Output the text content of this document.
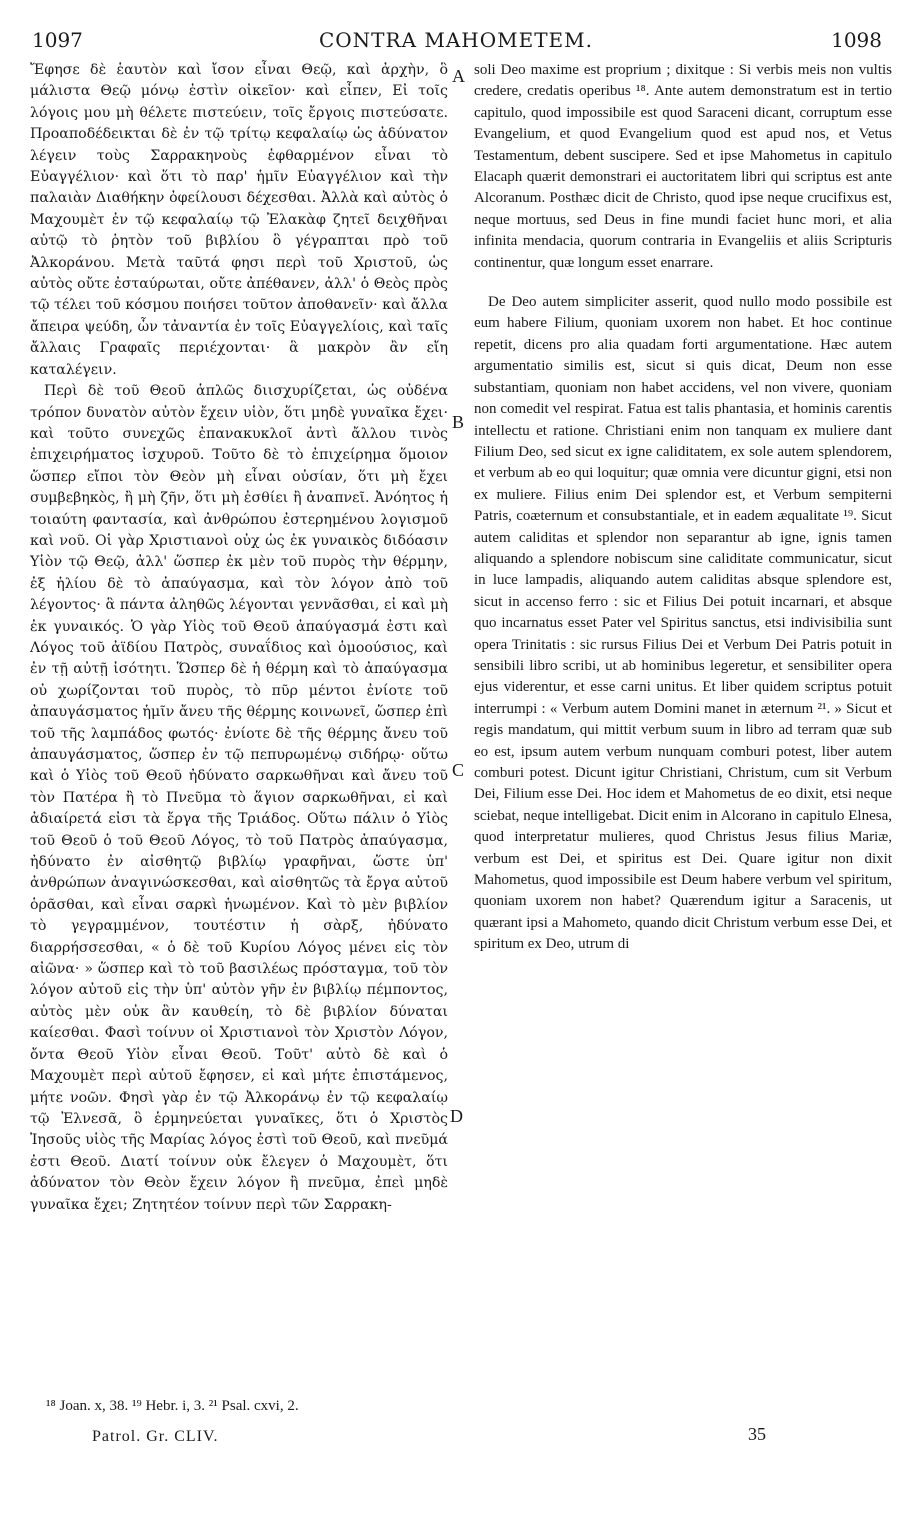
1097	CONTRA MAHOMETEM.	1098

Ἔφησε δὲ ἑαυτὸν καὶ ἴσον εἶναι Θεῷ, καὶ ἀρχὴν, ὃ μάλιστα Θεῷ μόνῳ ἐστὶν οἰκεῖον· καὶ εἶπεν, Εἰ τοῖς λόγοις μου μὴ θέλετε πιστεύειν, τοῖς ἔργοις πιστεύσατε. Προαποδέδεικται δὲ ἐν τῷ τρίτῳ κεφαλαίῳ ὡς ἀδύνατον λέγειν τοὺς Σαρρακηνοὺς ἐφθαρμένον εἶναι τὸ Εὐαγγέλιον· καὶ ὅτι τὸ παρ' ἡμῖν Εὐαγγέλιον καὶ τὴν παλαιὰν Διαθήκην ὀφείλουσι δέχεσθαι. Ἀλλὰ καὶ αὐτὸς ὁ Μαχουμὲτ ἐν τῷ κεφαλαίῳ τῷ Ἐλακὰφ ζητεῖ δειχθῆναι αὐτῷ τὸ ῥητὸν τοῦ βιβλίου ὃ γέγραπται πρὸ τοῦ Ἀλκοράνου. Μετὰ ταῦτά φησι περὶ τοῦ Χριστοῦ, ὡς αὐτὸς οὔτε ἐσταύρωται, οὔτε ἀπέθανεν, ἀλλ' ὁ Θεὸς πρὸς τῷ τέλει τοῦ κόσμου ποιήσει τοῦτον ἀποθανεῖν· καὶ ἄλλα ἄπειρα ψεύδη, ὧν τἀναντία ἐν τοῖς Εὐαγγελίοις, καὶ ταῖς ἄλλαις Γραφαῖς περιέχονται· ἃ μακρὸν ἂν εἴη καταλέγειν.

Περὶ δὲ τοῦ Θεοῦ ἁπλῶς διισχυρίζεται, ὡς οὐδένα τρόπον δυνατὸν αὐτὸν ἔχειν υἱὸν, ὅτι μηδὲ γυναῖκα ἔχει· καὶ τοῦτο συνεχῶς ἐπανακυκλοῖ ἀντὶ ἄλλου τινὸς ἐπιχειρήματος ἰσχυροῦ. Τοῦτο δὲ τὸ ἐπιχείρημα ὅμοιον ὥσπερ εἴποι τὸν Θεὸν μὴ εἶναι οὐσίαν, ὅτι μὴ ἔχει συμβεβηκὸς, ἢ μὴ ζῆν, ὅτι μὴ ἐσθίει ἢ ἀναπνεῖ. Ἀνόητος ἡ τοιαύτη φαντασία, καὶ ἀνθρώπου ἐστερημένου λογισμοῦ καὶ νοῦ. Οἱ γὰρ Χριστιανοὶ οὐχ ὡς ἐκ γυναικὸς διδόασιν Υἱὸν τῷ Θεῷ, ἀλλ' ὥσπερ ἐκ μὲν τοῦ πυρὸς τὴν θέρμην, ἐξ ἡλίου δὲ τὸ ἀπαύγασμα, καὶ τὸν λόγον ἀπὸ τοῦ λέγοντος· ἃ πάντα ἀληθῶς λέγονται γεννᾶσθαι, εἰ καὶ μὴ ἐκ γυναικός. Ὁ γὰρ Υἱὸς τοῦ Θεοῦ ἀπαύγασμά ἐστι καὶ Λόγος τοῦ ἀϊδίου Πατρὸς, συναΐδιος καὶ ὁμοούσιος, καὶ ἐν τῇ αὐτῇ ἰσότητι. Ὥσπερ δὲ ἡ θέρμη καὶ τὸ ἀπαύγασμα οὐ χωρίζονται τοῦ πυρὸς, τὸ πῦρ μέντοι ἐνίοτε τοῦ ἀπαυγάσματος ἡμῖν ἄνευ τῆς θέρμης κοινωνεῖ, ὥσπερ ἐπὶ τοῦ τῆς λαμπάδος φωτός· ἐνίοτε δὲ τῆς θέρμης ἄνευ τοῦ ἀπαυγάσματος, ὥσπερ ἐν τῷ πεπυρωμένῳ σιδήρῳ· οὕτω καὶ ὁ Υἱὸς τοῦ Θεοῦ ἠδύνατο σαρκωθῆναι καὶ ἄνευ τοῦ τὸν Πατέρα ἢ τὸ Πνεῦμα τὸ ἅγιον σαρκωθῆναι, εἰ καὶ ἀδιαίρετά εἰσι τὰ ἔργα τῆς Τριάδος. Οὕτω πάλιν ὁ Υἱὸς τοῦ Θεοῦ ὁ τοῦ Θεοῦ Λόγος, τὸ τοῦ Πατρὸς ἀπαύγασμα, ἠδύνατο ἐν αἰσθητῷ βιβλίῳ γραφῆναι, ὥστε ὑπ' ἀνθρώπων ἀναγινώσκεσθαι, καὶ αἰσθητῶς τὰ ἔργα αὐτοῦ ὁρᾶσθαι, καὶ εἶναι σαρκὶ ἡνωμένον. Καὶ τὸ μὲν βιβλίον τὸ γεγραμμένον, τουτέστιν ἡ σὰρξ, ἠδύνατο διαρρήσσεσθαι, « ὁ δὲ τοῦ Κυρίου Λόγος μένει εἰς τὸν αἰῶνα· » ὥσπερ καὶ τὸ τοῦ βασιλέως πρόσταγμα, τοῦ τὸν λόγον αὐτοῦ εἰς τὴν ὑπ' αὐτὸν γῆν ἐν βιβλίῳ πέμποντος, αὐτὸς μὲν οὐκ ἂν καυθείη, τὸ δὲ βιβλίον δύναται καίεσθαι. Φασὶ τοίνυν οἱ Χριστιανοὶ τὸν Χριστὸν Λόγον, ὄντα Θεοῦ Υἱὸν εἶναι Θεοῦ. Τοῦτ' αὐτὸ δὲ καὶ ὁ Μαχουμὲτ περὶ αὐτοῦ ἔφησεν, εἰ καὶ μήτε ἐπιστάμενος, μήτε νοῶν. Φησὶ γὰρ ἐν τῷ Ἀλκοράνῳ ἐν τῷ κεφαλαίῳ τῷ Ἐλνεσᾶ, ὃ ἑρμηνεύεται γυναῖκες, ὅτι ὁ Χριστὸς Ἰησοῦς υἱὸς τῆς Μαρίας λόγος ἐστὶ τοῦ Θεοῦ, καὶ πνεῦμά ἐστι Θεοῦ. Διατί τοίνυν οὐκ ἔλεγεν ὁ Μαχουμὲτ, ὅτι ἀδύνατον τὸν Θεὸν ἔχειν λόγον ἢ πνεῦμα, ἐπεὶ μηδὲ γυναῖκα ἔχει; Ζητητέον τοίνυν περὶ τῶν Σαρρακη-

soli Deo maxime est proprium ; dixitque : Si verbis meis non vultis credere, credatis operibus ¹⁸. Ante autem demonstratum est in tertio capitulo, quod impossibile est quod Saraceni dicant, corruptum esse Evangelium, et quod Evangelium quod est apud nos, et Vetus Testamentum, debent suscipere. Sed et ipse Mahometus in capitulo Elacaph quærit demonstrari ei auctoritatem libri qui scriptus est ante Alcoranum. Posthæc dicit de Christo, quod ipse neque crucifixus est, neque mortuus, sed Deus in fine mundi faciet hunc mori, et alia infinita mendacia, quorum contraria in Evangeliis et aliis Scripturis continentur, quæ longum esset enarrare.

De Deo autem simpliciter asserit, quod nullo modo possibile est eum habere Filium, quoniam uxorem non habet. Et hoc continue repetit, dicens pro alia quadam forti argumentatione. Hæc autem argumentatio similis est, sicut si quis dicat, Deum non esse substantiam, quoniam non habet accidens, vel non vivere, quoniam non comedit vel respirat. Fatua est talis phantasia, et hominis carentis intellectu et ratione. Christiani enim non tanquam ex muliere dant Filium Deo, sed sicut ex igne caliditatem, ex sole autem splendorem, et verbum ab eo qui loquitur; quæ omnia vere dicuntur gigni, etsi non ex muliere. Filius enim Dei splendor est, et Verbum sempiterni Patris, coæternum et consubstantiale, et in eadem æqualitate ¹⁹. Sicut autem caliditas et splendor non separantur ab igne, ignis tamen aliquando a splendore nobiscum sine caliditate communicatur, sicut in luce lampadis, aliquando autem caliditas absque splendore est, sicut in accenso ferro : sic et Filius Dei potuit incarnari, et absque quo incarnatus esset Pater vel Spiritus sanctus, etsi indivisibilia sunt opera Trinitatis : sic rursus Filius Dei et Verbum Dei Patris potuit in sensibili libro scribi, ut ab hominibus legeretur, et sensibiliter opera ejus viderentur, et esse carni unitus. Et liber quidem scriptus potuit interrumpi : « Verbum autem Domini manet in æternum ²¹. » Sicut et regis mandatum, qui mittit verbum suum in libro ad terram quæ sub eo est, ipsum autem verbum nunquam comburi potest, liber autem comburi potest. Dicunt igitur Christiani, Christum, cum sit Verbum Dei, Filium esse Dei. Hoc idem et Mahometus de eo dixit, etsi neque sciebat, neque intelligebat. Dicit enim in Alcorano in capitulo Elnesa, quod interpretatur mulieres, quod Christus Jesus filius Mariæ, verbum est Dei, et spiritus est Dei. Quare igitur non dixit Mahometus, quod impossibile est Deum habere verbum vel spiritum, quoniam uxorem non habet? Quærendum igitur a Saracenis, ut quærant ipsi a Mahometo, quando dicit Christum verbum esse Dei, et spiritum ex Deo, utrum di

A
B
C
D
¹⁸ Joan. x, 38. ¹⁹ Hebr. i, 3. ²¹ Psal. cxvi, 2.
Patrol. Gr. CLIV.	35
